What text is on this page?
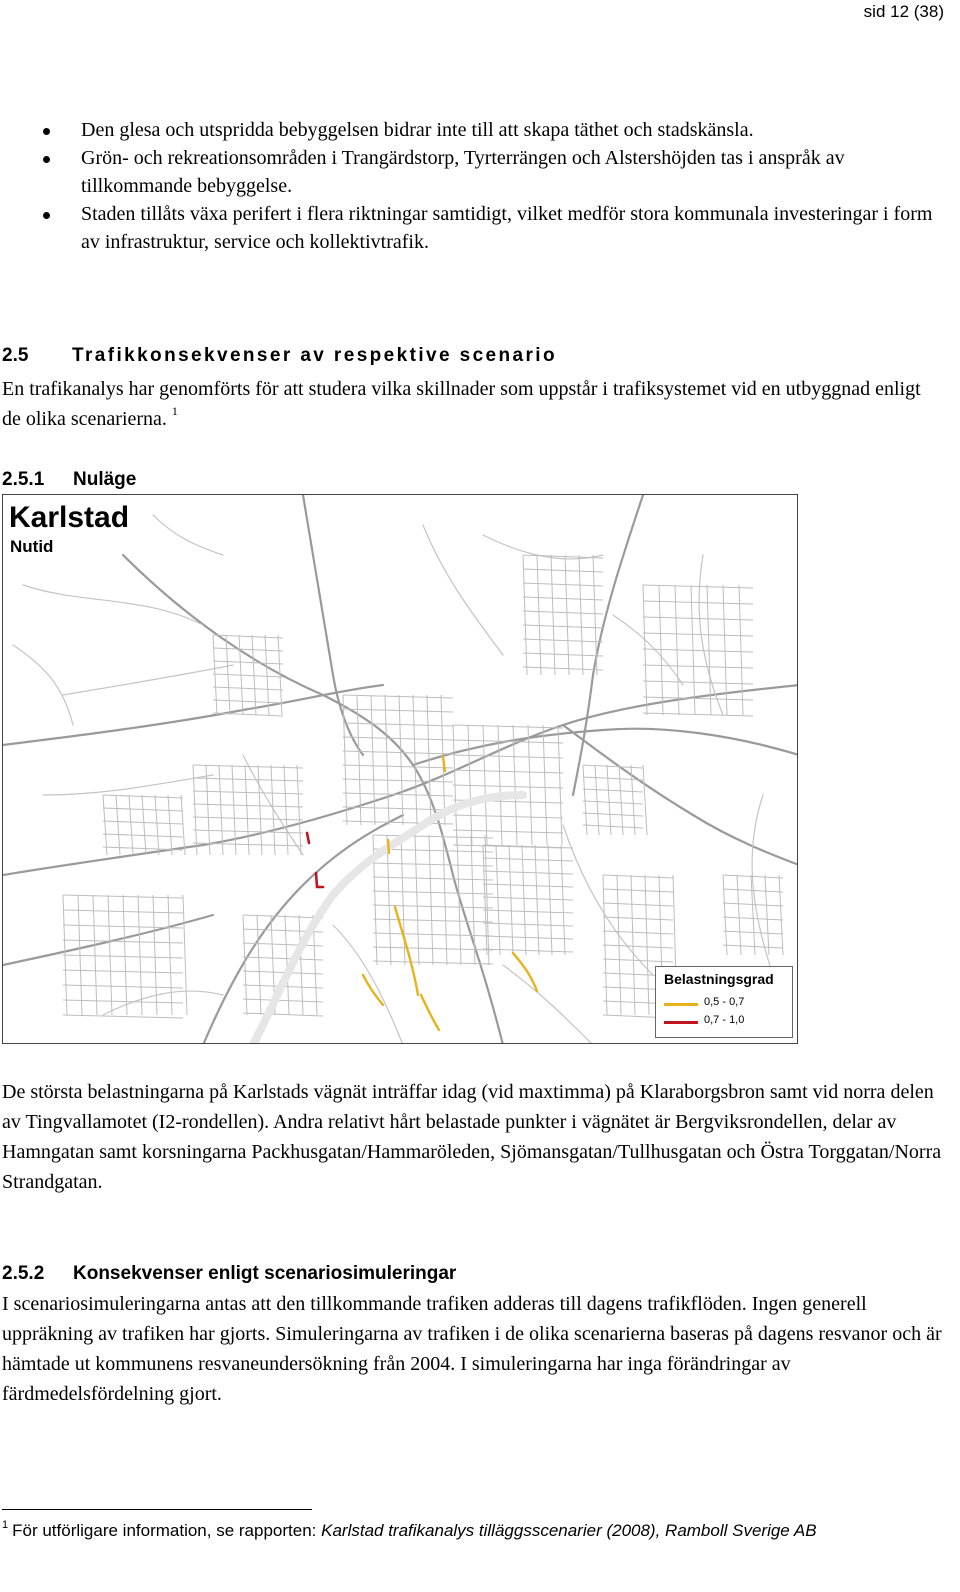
sid 12 (38)
Den glesa och utspridda bebyggelsen bidrar inte till att skapa täthet och stadskänsla.
Grön- och rekreationsområden i Trangärdstorp, Tyrterrängen och Alstershöjden tas i anspråk av tillkommande bebyggelse.
Staden tillåts växa perifert i flera riktningar samtidigt, vilket medför stora kommunala investeringar i form av infrastruktur, service och kollektivtrafik.
2.5 Trafikkonsekvenser av respektive scenario

En trafikanalys har genomförts för att studera vilka skillnader som uppstår i trafiksystemet vid en utbyggnad enligt de olika scenarierna. $^1$

2.5.1 Nuläge
Karlstad
Nutid
Belastningsgrad
0,5 - 0,7
0,7 - 1,0

De största belastningarna på Karlstads vägnät inträffar idag (vid maxtimma) på Klaraborgsbron samt vid norra delen av Tingvallamotet (I2-rondellen). Andra relativt hårt belastade punkter i vägnätet är Bergviksrondellen, delar av Hamngatan samt korsningarna Packhusgatan/Hammaröleden, Sjömansgatan/Tullhusgatan och Östra Torggatan/Norra Strandgatan.

2.5.2 Konsekvenser enligt scenariosimuleringar

I scenariosimuleringarna antas att den tillkommande trafiken adderas till dagens trafikflöden. Ingen generell uppräkning av trafiken har gjorts. Simuleringarna av trafiken i de olika scenarierna baseras på dagens resvanor och är hämtade ut kommunens resvaneundersökning från 2004. I simuleringarna har inga förändringar av färdmedelsfördelning gjort.

$^1$ För utförligare information, se rapporten: Karlstad trafikanalys tilläggsscenarier (2008), Ramboll Sverige AB
